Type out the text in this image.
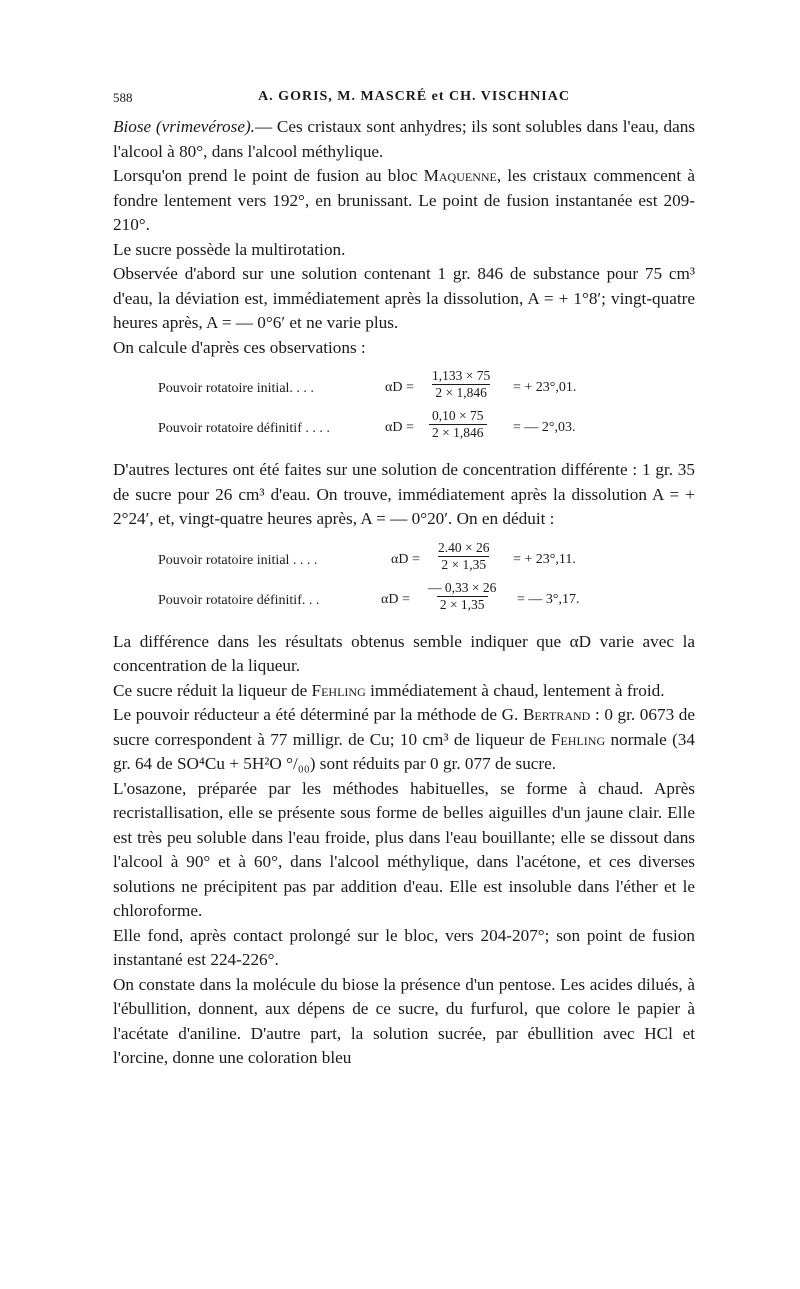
588	A. GORIS, M. MASCRÉ et CH. VISCHNIAC

Biose (vrimevérose).— Ces cristaux sont anhydres; ils sont solubles dans l'eau, dans l'alcool à 80°, dans l'alcool méthylique.

Lorsqu'on prend le point de fusion au bloc Maquenne, les cristaux commencent à fondre lentement vers 192°, en brunissant. Le point de fusion instantanée est 209-210°.

Le sucre possède la multirotation.

Observée d'abord sur une solution contenant 1 gr. 846 de substance pour 75 cm³ d'eau, la déviation est, immédiatement après la dissolution, A = + 1°8′; vingt-quatre heures après, A = — 0°6′ et ne varie plus.

On calcule d'après ces observations :

Pouvoir rotatoire initial. . . .	$\alpha D = \frac{1,133 \times 75}{2 \times 1,846}$ = + 23°,01.
Pouvoir rotatoire définitif . . . .	$\alpha D = \frac{0,10 \times 75}{2 \times 1,846}$ = — 2°,03.

D'autres lectures ont été faites sur une solution de concentration différente : 1 gr. 35 de sucre pour 26 cm³ d'eau. On trouve, immédiatement après la dissolution A = + 2°24′, et, vingt-quatre heures après, A = — 0°20′. On en déduit :

Pouvoir rotatoire initial . . . .	$\alpha D = \frac{2.40 \times 26}{2 \times 1,35}$ = + 23°,11.
Pouvoir rotatoire définitif. . .	$\alpha D = \frac{— 0,33 \times 26}{2 \times 1,35}$ = — 3°,17.

La différence dans les résultats obtenus semble indiquer que αD varie avec la concentration de la liqueur.

Ce sucre réduit la liqueur de Fehling immédiatement à chaud, lentement à froid.

Le pouvoir réducteur a été déterminé par la méthode de G. Bertrand : 0 gr. 0673 de sucre correspondent à 77 milligr. de Cu; 10 cm³ de liqueur de Fehling normale (34 gr. 64 de SO⁴Cu + 5H²O °/₀₀) sont réduits par 0 gr. 077 de sucre.

L'osazone, préparée par les méthodes habituelles, se forme à chaud. Après recristallisation, elle se présente sous forme de belles aiguilles d'un jaune clair. Elle est très peu soluble dans l'eau froide, plus dans l'eau bouillante; elle se dissout dans l'alcool à 90° et à 60°, dans l'alcool méthylique, dans l'acétone, et ces diverses solutions ne précipitent pas par addition d'eau. Elle est insoluble dans l'éther et le chloroforme.

Elle fond, après contact prolongé sur le bloc, vers 204-207°; son point de fusion instantané est 224-226°.

On constate dans la molécule du biose la présence d'un pentose. Les acides dilués, à l'ébullition, donnent, aux dépens de ce sucre, du furfurol, que colore le papier à l'acétate d'aniline. D'autre part, la solution sucrée, par ébullition avec HCl et l'orcine, donne une coloration bleu
